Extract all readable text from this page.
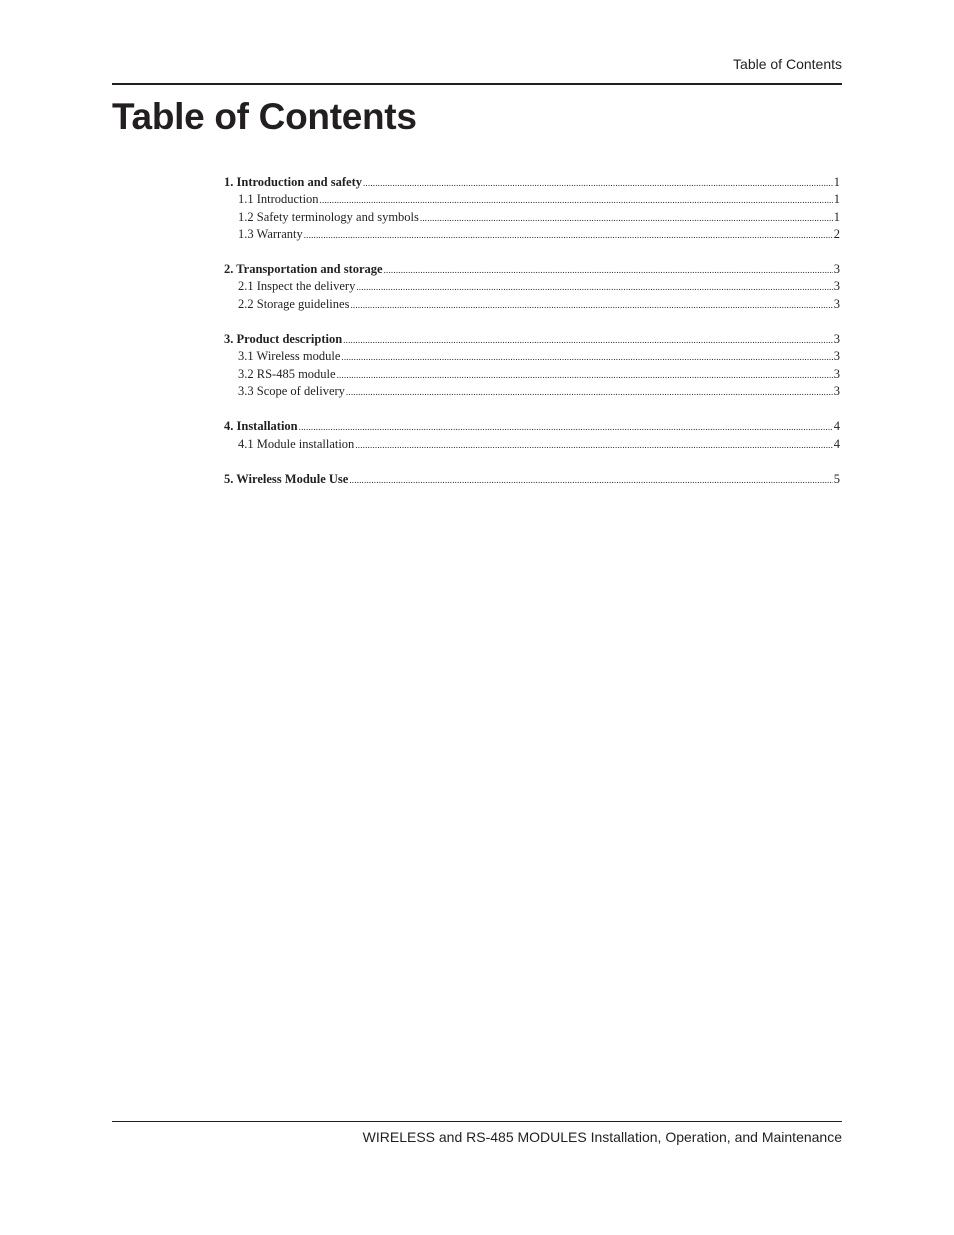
Table of Contents
Table of Contents
1. Introduction and safety .....	1
1.1 Introduction .....	1
1.2 Safety terminology and symbols .....	1
1.3 Warranty .....	2
2. Transportation and storage .....	3
2.1 Inspect the delivery .....	3
2.2 Storage guidelines .....	3
3. Product description .....	3
3.1 Wireless module .....	3
3.2 RS-485 module .....	3
3.3 Scope of delivery .....	3
4. Installation .....	4
4.1 Module installation .....	4
5. Wireless Module Use .....	5
WIRELESS and RS-485 MODULES Installation, Operation, and Maintenance
